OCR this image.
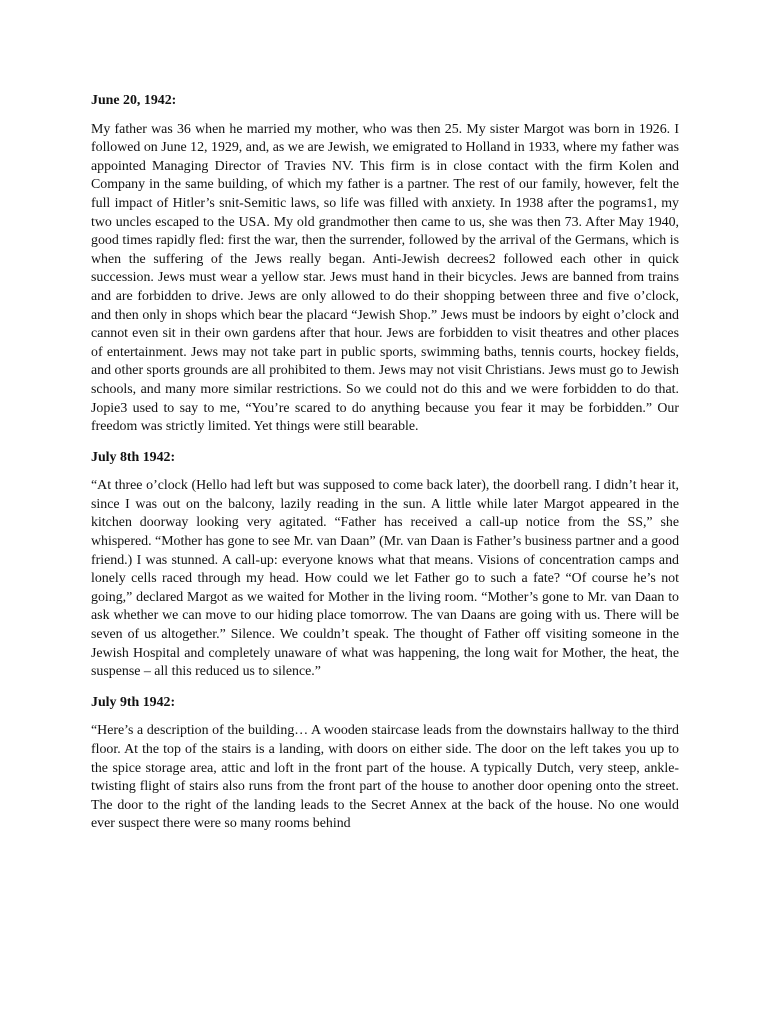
June 20, 1942:

My father was 36 when he married my mother, who was then 25. My sister Margot was born in 1926. I followed on June 12, 1929, and, as we are Jewish, we emigrated to Holland in 1933, where my father was appointed Managing Director of Travies NV. This firm is in close contact with the firm Kolen and Company in the same building, of which my father is a partner. The rest of our family, however, felt the full impact of Hitler’s snit-Semitic laws, so life was filled with anxiety. In 1938 after the pograms1, my two uncles escaped to the USA. My old grandmother then came to us, she was then 73. After May 1940, good times rapidly fled: first the war, then the surrender, followed by the arrival of the Germans, which is when the suffering of the Jews really began. Anti-Jewish decrees2 followed each other in quick succession. Jews must wear a yellow star. Jews must hand in their bicycles. Jews are banned from trains and are forbidden to drive. Jews are only allowed to do their shopping between three and five o’clock, and then only in shops which bear the placard “Jewish Shop.” Jews must be indoors by eight o’clock and cannot even sit in their own gardens after that hour. Jews are forbidden to visit theatres and other places of entertainment. Jews may not take part in public sports, swimming baths, tennis courts, hockey fields, and other sports grounds are all prohibited to them. Jews may not visit Christians. Jews must go to Jewish schools, and many more similar restrictions. So we could not do this and we were forbidden to do that. Jopie3 used to say to me, “You’re scared to do anything because you fear it may be forbidden.” Our freedom was strictly limited. Yet things were still bearable.

July 8th 1942:

“At three o’clock (Hello had left but was supposed to come back later), the doorbell rang. I didn’t hear it, since I was out on the balcony, lazily reading in the sun. A little while later Margot appeared in the kitchen doorway looking very agitated. “Father has received a call-up notice from the SS,” she whispered. “Mother has gone to see Mr. van Daan” (Mr. van Daan is Father’s business partner and a good friend.) I was stunned. A call-up: everyone knows what that means. Visions of concentration camps and lonely cells raced through my head. How could we let Father go to such a fate? “Of course he’s not going,” declared Margot as we waited for Mother in the living room. “Mother’s gone to Mr. van Daan to ask whether we can move to our hiding place tomorrow. The van Daans are going with us. There will be seven of us altogether.” Silence. We couldn’t speak. The thought of Father off visiting someone in the Jewish Hospital and completely unaware of what was happening, the long wait for Mother, the heat, the suspense – all this reduced us to silence.”

July 9th 1942:

“Here’s a description of the building… A wooden staircase leads from the downstairs hallway to the third floor. At the top of the stairs is a landing, with doors on either side. The door on the left takes you up to the spice storage area, attic and loft in the front part of the house. A typically Dutch, very steep, ankle-twisting flight of stairs also runs from the front part of the house to another door opening onto the street. The door to the right of the landing leads to the Secret Annex at the back of the house. No one would ever suspect there were so many rooms behind
